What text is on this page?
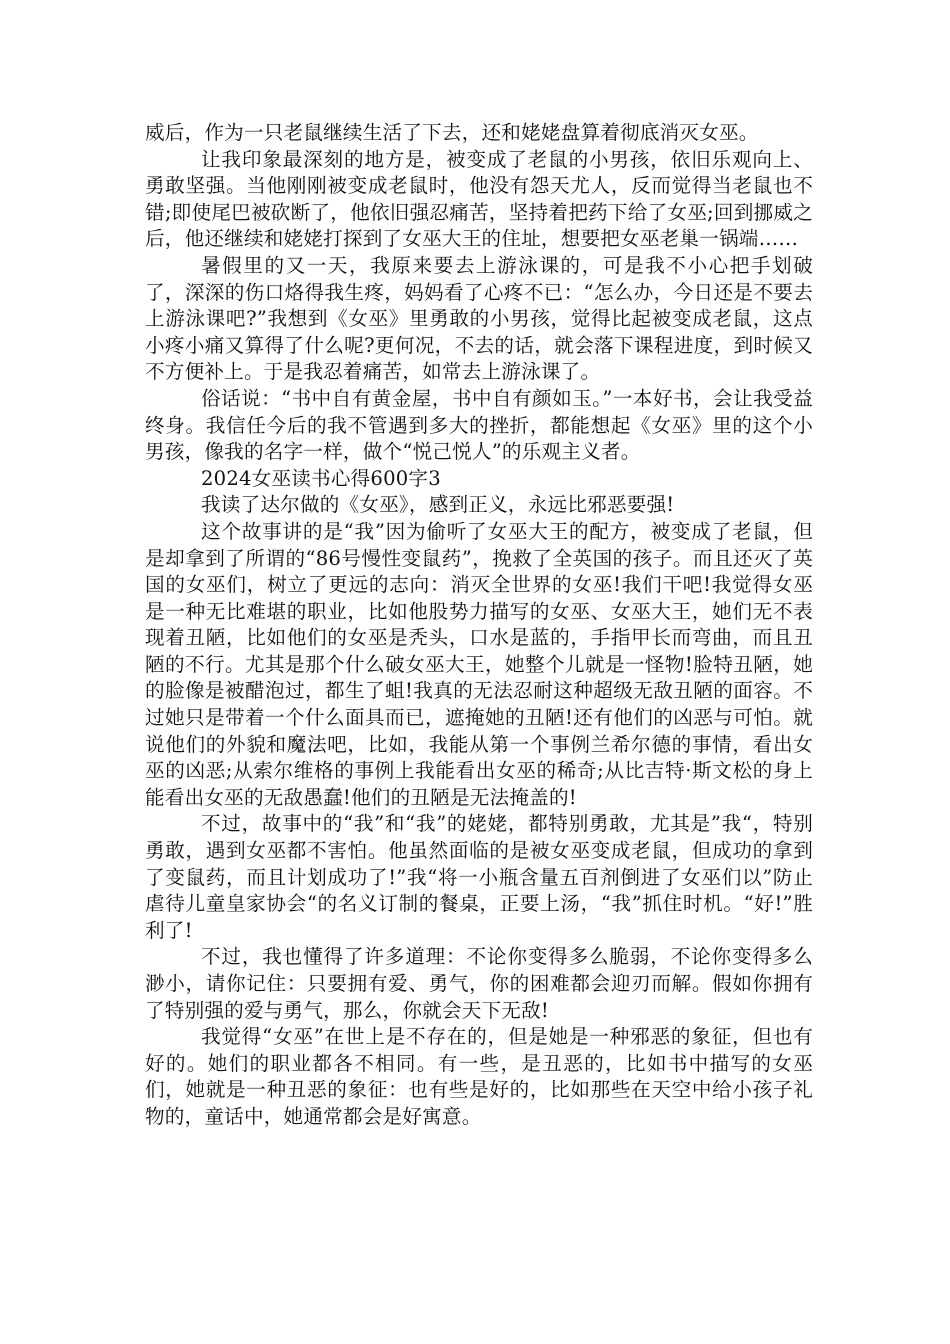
威后，作为一只老鼠继续生活了下去，还和姥姥盘算着彻底消灭女巫。

让我印象最深刻的地方是，被变成了老鼠的小男孩，依旧乐观向上、勇敢坚强。当他刚刚被变成老鼠时，他没有怨天尤人，反而觉得当老鼠也不错;即使尾巴被砍断了，他依旧强忍痛苦，坚持着把药下给了女巫;回到挪威之后，他还继续和姥姥打探到了女巫大王的住址，想要把女巫老巢一锅端……

暑假里的又一天，我原来要去上游泳课的，可是我不小心把手划破了，深深的伤口烙得我生疼，妈妈看了心疼不已：“怎么办，今日还是不要去上游泳课吧?”我想到《女巫》里勇敢的小男孩，觉得比起被变成老鼠，这点小疼小痛又算得了什么呢?更何况，不去的话，就会落下课程进度，到时候又不方便补上。于是我忍着痛苦，如常去上游泳课了。

俗话说：“书中自有黄金屋，书中自有颜如玉。”一本好书，会让我受益终身。我信任今后的我不管遇到多大的挫折，都能想起《女巫》里的这个小男孩，像我的名字一样，做个“悦己悦人”的乐观主义者。

2024女巫读书心得600字3

我读了达尔做的《女巫》，感到正义，永远比邪恶要强!

这个故事讲的是“我”因为偷听了女巫大王的配方，被变成了老鼠，但是却拿到了所谓的“86号慢性变鼠药”，挽救了全英国的孩子。而且还灭了英国的女巫们，树立了更远的志向：消灭全世界的女巫!我们干吧!我觉得女巫是一种无比难堪的职业，比如他股势力描写的女巫、女巫大王，她们无不表现着丑陋，比如他们的女巫是秃头，口水是蓝的，手指甲长而弯曲，而且丑陋的不行。尤其是那个什么破女巫大王，她整个儿就是一怪物!脸特丑陋，她的脸像是被醋泡过，都生了蛆!我真的无法忍耐这种超级无敌丑陋的面容。不过她只是带着一个什么面具而已，遮掩她的丑陋!还有他们的凶恶与可怕。就说他们的外貌和魔法吧，比如，我能从第一个事例兰希尔德的事情，看出女巫的凶恶;从索尔维格的事例上我能看出女巫的稀奇;从比吉特·斯文松的身上能看出女巫的无敌愚蠢!他们的丑陋是无法掩盖的!

不过，故事中的“我”和“我”的姥姥，都特别勇敢，尤其是”我“，特别勇敢，遇到女巫都不害怕。他虽然面临的是被女巫变成老鼠，但成功的拿到了变鼠药，而且计划成功了!”我“将一小瓶含量五百剂倒进了女巫们以”防止虐待儿童皇家协会“的名义订制的餐桌，正要上汤，“我”抓住时机。“好!”胜利了!

不过，我也懂得了许多道理：不论你变得多么脆弱，不论你变得多么渺小，请你记住：只要拥有爱、勇气，你的困难都会迎刃而解。假如你拥有了特别强的爱与勇气，那么，你就会天下无敌!

我觉得“女巫”在世上是不存在的，但是她是一种邪恶的象征，但也有好的。她们的职业都各不相同。有一些，是丑恶的，比如书中描写的女巫们，她就是一种丑恶的象征：也有些是好的，比如那些在天空中给小孩子礼物的，童话中，她通常都会是好寓意。
